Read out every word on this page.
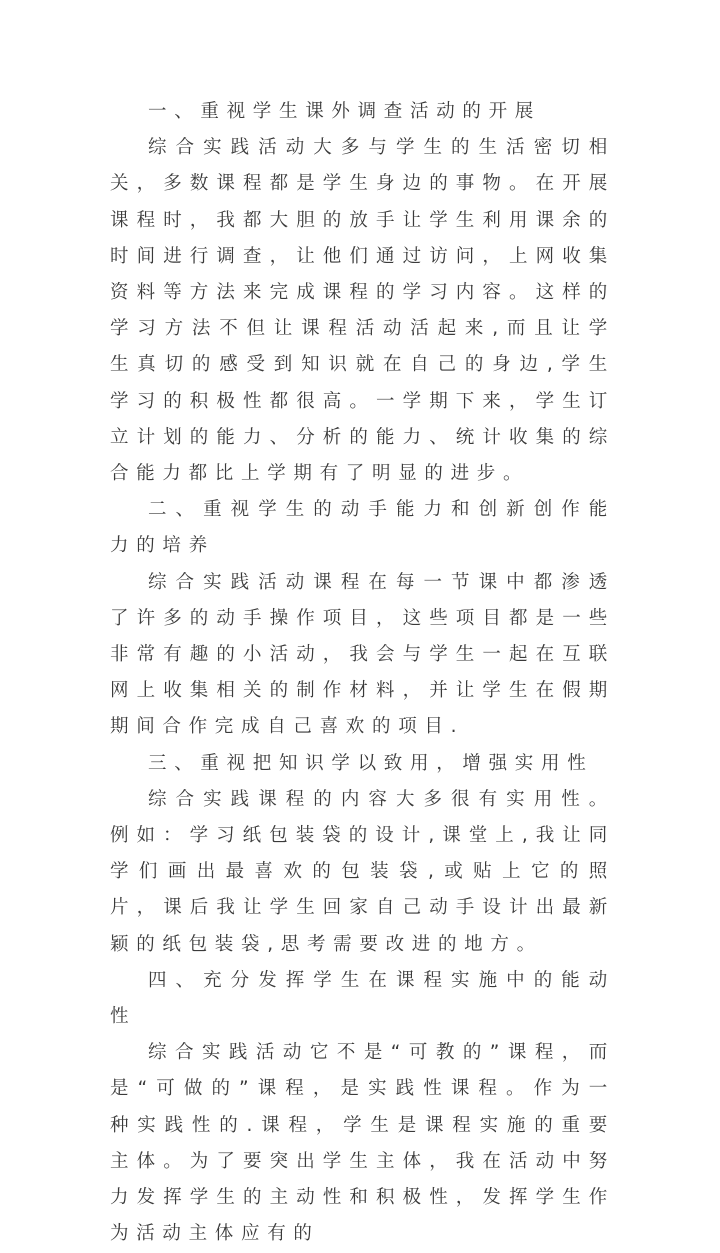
一、重视学生课外调查活动的开展

综合实践活动大多与学生的生活密切相关，多数课程都是学生身边的事物。在开展课程时，我都大胆的放手让学生利用课余的时间进行调查，让他们通过访问，上网收集资料等方法来完成课程的学习内容。这样的学习方法不但让课程活动活起来,而且让学生真切的感受到知识就在自己的身边,学生学习的积极性都很高。一学期下来，学生订立计划的能力、分析的能力、统计收集的综合能力都比上学期有了明显的进步。

二、重视学生的动手能力和创新创作能力的培养

综合实践活动课程在每一节课中都渗透了许多的动手操作项目，这些项目都是一些非常有趣的小活动，我会与学生一起在互联网上收集相关的制作材料，并让学生在假期期间合作完成自己喜欢的项目.

三、重视把知识学以致用，增强实用性

综合实践课程的内容大多很有实用性。例如：学习纸包装袋的设计,课堂上,我让同学们画出最喜欢的包装袋,或贴上它的照片，课后我让学生回家自己动手设计出最新颖的纸包装袋,思考需要改进的地方。

四、充分发挥学生在课程实施中的能动性

综合实践活动它不是“可教的”课程，而是“可做的”课程，是实践性课程。作为一种实践性的.课程，学生是课程实施的重要主体。为了要突出学生主体，我在活动中努力发挥学生的主动性和积极性，发挥学生作为活动主体应有的
